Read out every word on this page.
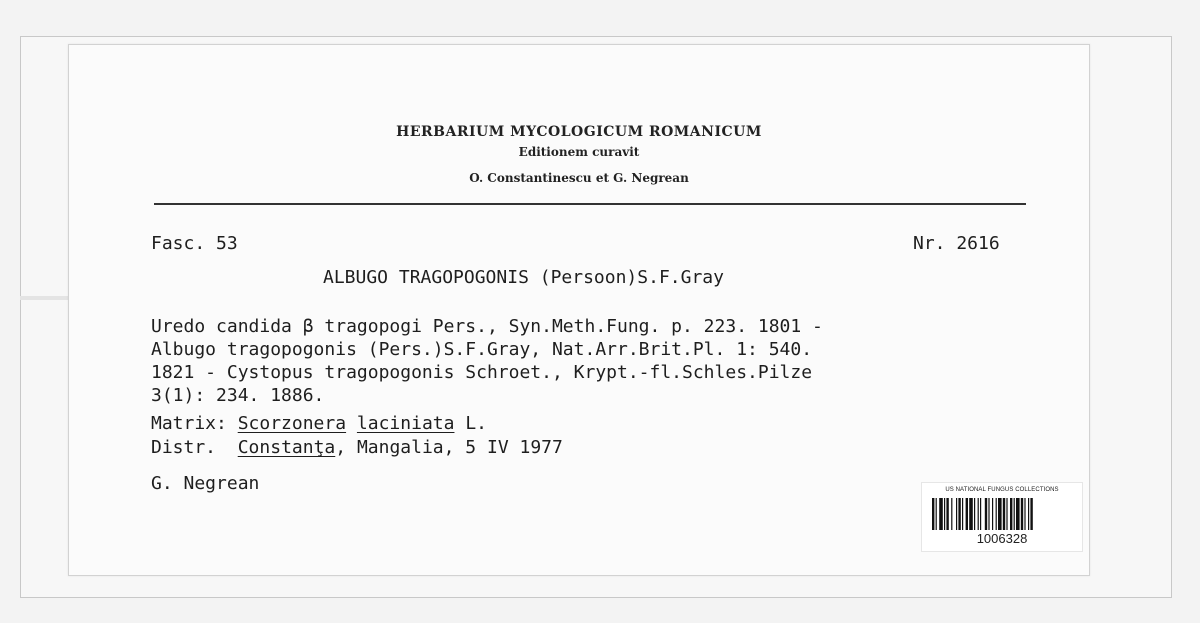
HERBARIUM MYCOLOGICUM ROMANICUM
Editionem curavit
O. Constantinescu et G. Negrean
Fasc. 53	Nr. 2616
ALBUGO TRAGOPOGONIS (Persoon)S.F.Gray
Uredo candida β tragopogi Pers., Syn.Meth.Fung. p. 223. 1801 -
Albugo tragopogonis (Pers.)S.F.Gray, Nat.Arr.Brit.Pl. 1: 540.
1821 - Cystopus tragopogonis Schroet., Krypt.-fl.Schles.Pilze
3(1): 234. 1886.
Matrix: Scorzonera laciniata L.
Distr. Constanţa, Mangalia, 5 IV 1977
G. Negrean	US NATIONAL FUNGUS COLLECTIONS
1006328
